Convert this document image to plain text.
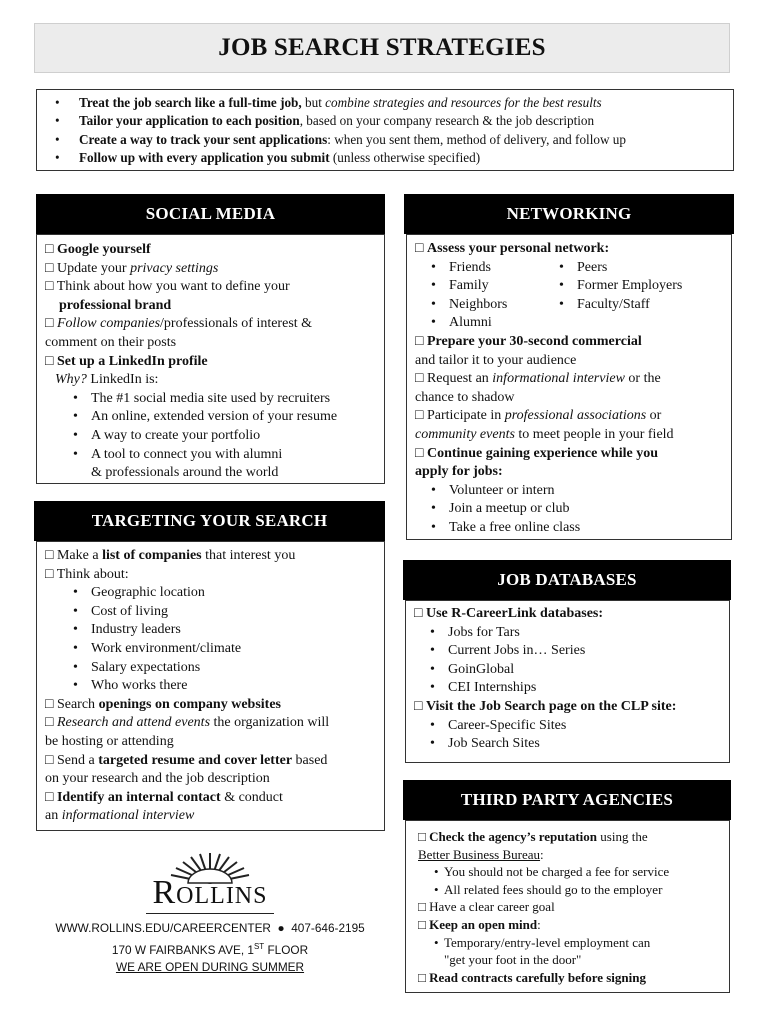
JOB SEARCH STRATEGIES
• Treat the job search like a full-time job, but combine strategies and resources for the best results
• Tailor your application to each position, based on your company research & the job description
• Create a way to track your sent applications: when you sent them, method of delivery, and follow up
• Follow up with every application you submit (unless otherwise specified)
SOCIAL MEDIA
□ Google yourself
□ Update your privacy settings
□ Think about how you want to define your
professional brand
□ Follow companies/professionals of interest &
comment on their posts
□ Set up a LinkedIn profile
Why? LinkedIn is:
• The #1 social media site used by recruiters
• An online, extended version of your resume
• A way to create your portfolio
• A tool to connect you with alumni
& professionals around the world
TARGETING YOUR SEARCH
□ Make a list of companies that interest you
□ Think about:
• Geographic location
• Cost of living
• Industry leaders
• Work environment/climate
• Salary expectations
• Who works there
□ Search openings on company websites
□ Research and attend events the organization will
be hosting or attending
□ Send a targeted resume and cover letter based
on your research and the job description
□ Identify an internal contact & conduct
an informational interview
NETWORKING
□ Assess your personal network:
• Friends
• Family
• Neighbors
• Alumni
• Peers
• Former Employers
• Faculty/Staff
□ Prepare your 30-second commercial
and tailor it to your audience
□ Request an informational interview or the
chance to shadow
□ Participate in professional associations or
community events to meet people in your field
□ Continue gaining experience while you
apply for jobs:
• Volunteer or intern
• Join a meetup or club
• Take a free online class
JOB DATABASES
□ Use R-CareerLink databases:
• Jobs for Tars
• Current Jobs in… Series
• GoinGlobal
• CEI Internships
□ Visit the Job Search page on the CLP site:
• Career-Specific Sites
• Job Search Sites
THIRD PARTY AGENCIES
□ Check the agency’s reputation using the
Better Business Bureau:
• You should not be charged a fee for service
• All related fees should go to the employer
□ Have a clear career goal
□ Keep an open mind:
• Temporary/entry-level employment can
"get your foot in the door"
□ Read contracts carefully before signing
Rollins
WWW.ROLLINS.EDU/CAREERCENTER ● 407-646-2195
170 W FAIRBANKS AVE, 1ST FLOOR
WE ARE OPEN DURING SUMMER
